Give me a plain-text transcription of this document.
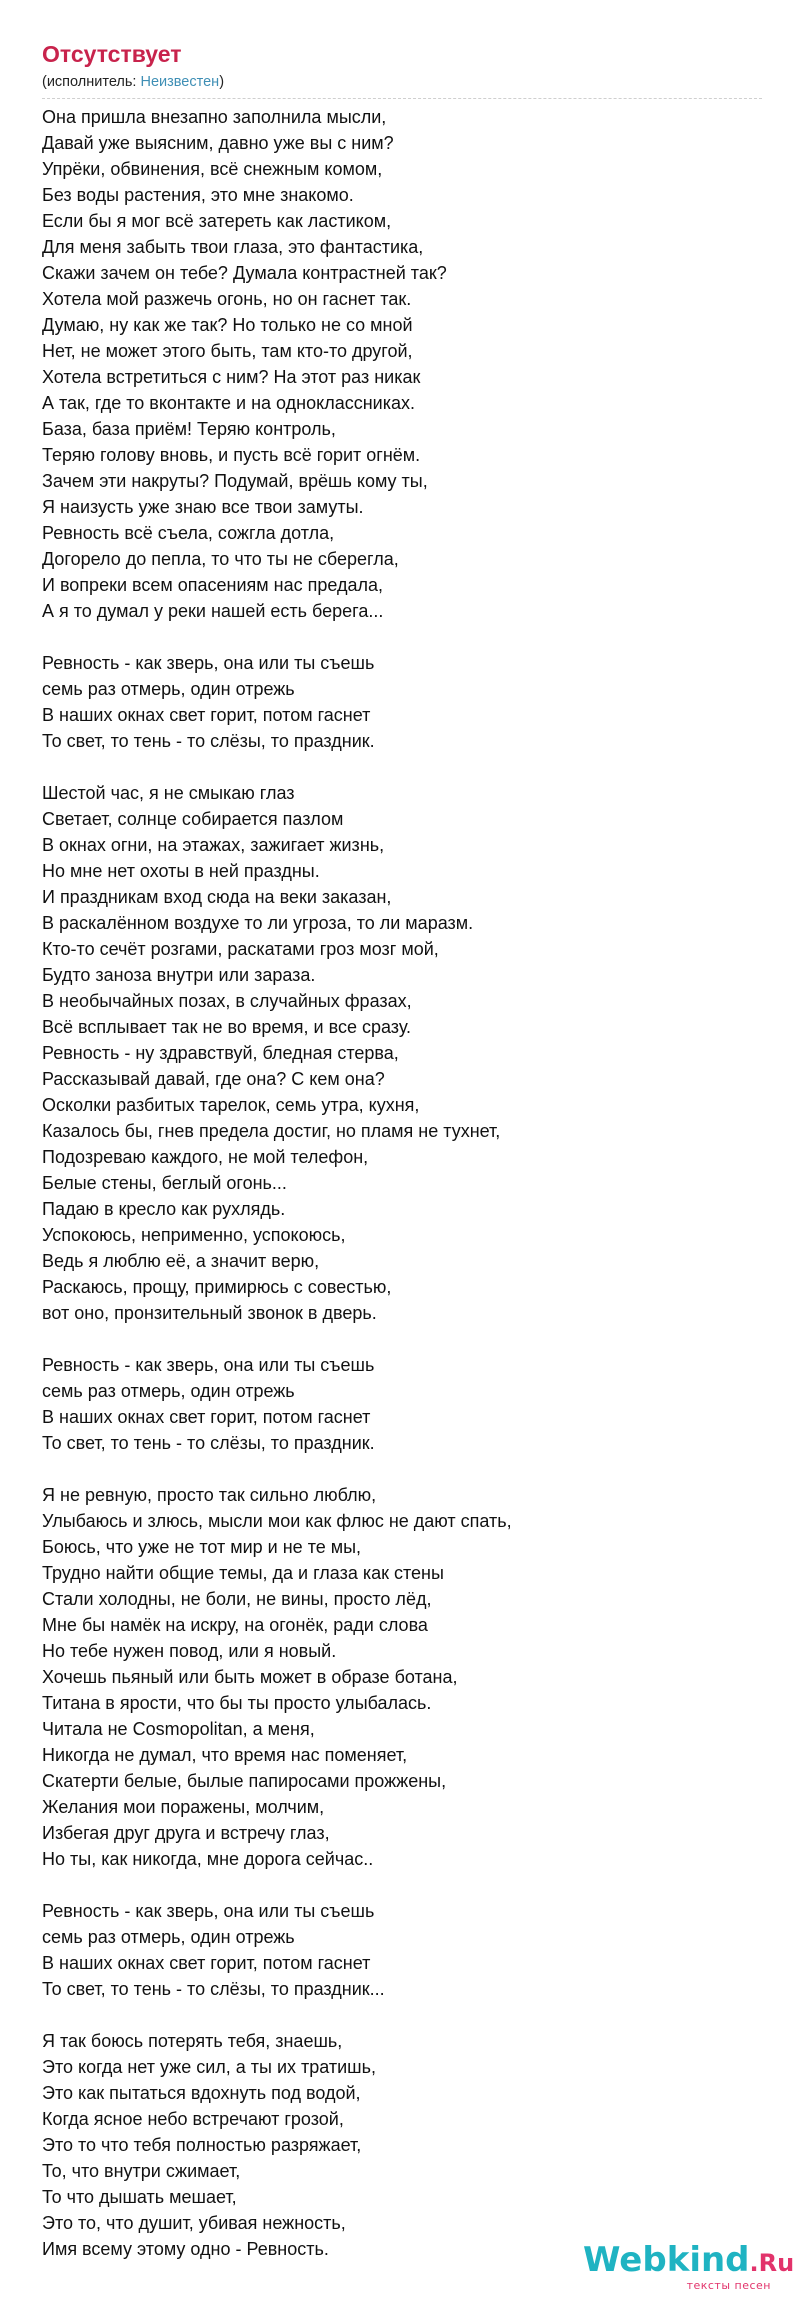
Отсутствует
(исполнитель: Неизвестен)
Она пришла внезапно заполнила мысли,
Давай уже выясним, давно уже вы с ним?
Упрёки, обвинения, всё снежным комом,
Без воды растения, это мне знакомо.
Если бы я мог всё затереть как ластиком,
Для меня забыть твои глаза, это фантастика,
Скажи зачем он тебе? Думала контрастней так?
Хотела мой разжечь огонь, но он гаснет так.
Думаю, ну как же так? Но только не со мной
Нет, не может этого быть, там кто-то другой,
Хотела встретиться с ним? На этот раз никак
А так, где то вконтакте и на одноклассниках.
База, база приём! Теряю контроль,
Теряю голову вновь, и пусть всё горит огнём.
Зачем эти накруты? Подумай, врёшь кому ты,
Я наизусть уже знаю все твои замуты.
Ревность всё съела, сожгла дотла,
Догорело до пепла, то что ты не сберегла,
И вопреки всем опасениям нас предала,
А я то думал у реки нашей есть берега...
Ревность - как зверь, она или ты съешь
семь раз отмерь, один отрежь
В наших окнах свет горит, потом гаснет
То свет, то тень - то слёзы, то праздник.
Шестой час, я не смыкаю глаз
Светает, солнце собирается пазлом
В окнах огни, на этажах, зажигает жизнь,
Но мне нет охоты в ней праздны.
И праздникам вход сюда на веки заказан,
В раскалённом воздухе то ли угроза, то ли маразм.
Кто-то сечёт розгами, раскатами гроз мозг мой,
Будто заноза внутри или зараза.
В необычайных позах, в случайных фразах,
Всё всплывает так не во время, и все сразу.
Ревность - ну здравствуй, бледная стерва,
Рассказывай давай, где она? С кем она?
Осколки разбитых тарелок, семь утра, кухня,
Казалось бы, гнев предела достиг, но пламя не тухнет,
Подозреваю каждого, не мой телефон,
Белые стены, беглый огонь...
Падаю в кресло как рухлядь.
Успокоюсь, неприменно, успокоюсь,
Ведь я люблю её, а значит верю,
Раскаюсь, прощу, примирюсь с совестью,
вот оно, пронзительный звонок в дверь.
Ревность - как зверь, она или ты съешь
семь раз отмерь, один отрежь
В наших окнах свет горит, потом гаснет
То свет, то тень - то слёзы, то праздник.
Я не ревную, просто так сильно люблю,
Улыбаюсь и злюсь, мысли мои как флюс не дают спать,
Боюсь, что уже не тот мир и не те мы,
Трудно найти общие темы, да и глаза как стены
Стали холодны, не боли, не вины, просто лёд,
Мне бы намёк на искру, на огонёк, ради слова
Но тебе нужен повод, или я новый.
Хочешь пьяный или быть может в образе ботана,
Титана в ярости, что бы ты просто улыбалась.
Читала не Cosmopolitan, а меня,
Никогда не думал, что время нас поменяет,
Скатерти белые, былые папиросами прожжены,
Желания мои поражены, молчим,
Избегая друг друга и встречу глаз,
Но ты, как никогда, мне дорога сейчас..
Ревность - как зверь, она или ты съешь
семь раз отмерь, один отрежь
В наших окнах свет горит, потом гаснет
То свет, то тень - то слёзы, то праздник...
Я так боюсь потерять тебя, знаешь,
Это когда нет уже сил, а ты их тратишь,
Это как пытаться вдохнуть под водой,
Когда ясное небо встречают грозой,
Это то что тебя полностью разряжает,
То, что внутри сжимает,
То что дышать мешает,
Это то, что душит, убивая нежность,
Имя всему этому одно - Ревность.	Webkind.Ru
тексты песен
